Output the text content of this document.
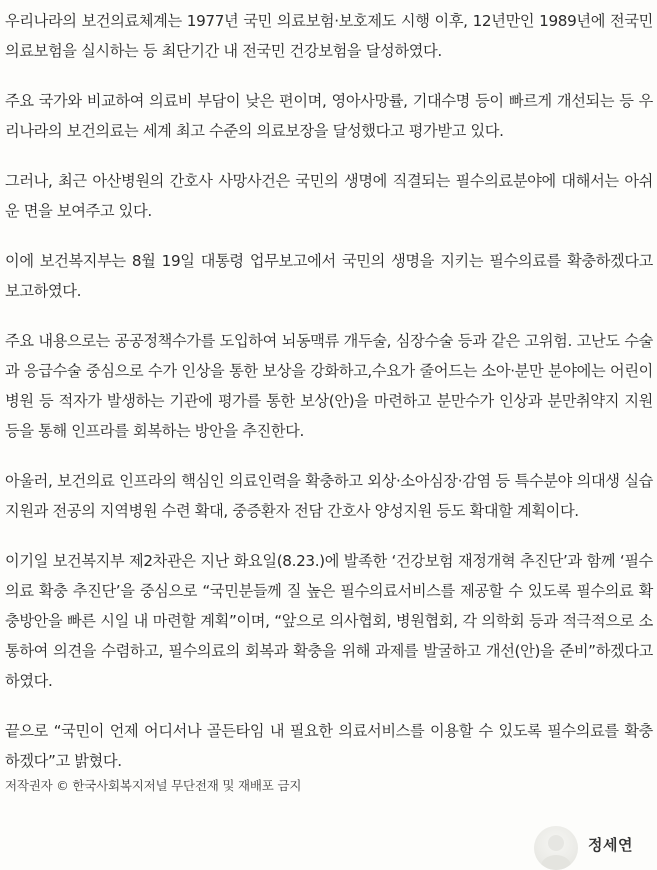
우리나라의 보건의료체계는 1977년 국민 의료보험·보호제도 시행 이후, 12년만인 1989년에 전국민 의료보험을 실시하는 등 최단기간 내 전국민 건강보험을 달성하였다.

주요 국가와 비교하여 의료비 부담이 낮은 편이며, 영아사망률, 기대수명 등이 빠르게 개선되는 등 우리나라의 보건의료는 세계 최고 수준의 의료보장을 달성했다고 평가받고 있다.

그러나, 최근 아산병원의 간호사 사망사건은 국민의 생명에 직결되는 필수의료분야에 대해서는 아쉬운 면을 보여주고 있다.

이에 보건복지부는 8월 19일 대통령 업무보고에서 국민의 생명을 지키는 필수의료를 확충하겠다고 보고하였다.

주요 내용으로는 공공정책수가를 도입하여 뇌동맥류 개두술, 심장수술 등과 같은 고위험. 고난도 수술과 응급수술 중심으로 수가 인상을 통한 보상을 강화하고,수요가 줄어드는 소아·분만 분야에는 어린이병원 등 적자가 발생하는 기관에 평가를 통한 보상(안)을 마련하고 분만수가 인상과 분만취약지 지원 등을 통해 인프라를 회복하는 방안을 추진한다.

아울러, 보건의료 인프라의 핵심인 의료인력을 확충하고 외상·소아심장·감염 등 특수분야 의대생 실습지원과 전공의 지역병원 수련 확대, 중증환자 전담 간호사 양성지원 등도 확대할 계획이다.

이기일 보건복지부 제2차관은 지난 화요일(8.23.)에 발족한 ‘건강보험 재정개혁 추진단’과 함께 ‘필수의료 확충 추진단’을 중심으로 “국민분들께 질 높은 필수의료서비스를 제공할 수 있도록 필수의료 확충방안을 빠른 시일 내 마련할 계획”이며, “앞으로 의사협회, 병원협회, 각 의학회 등과 적극적으로 소통하여 의견을 수렴하고, 필수의료의 회복과 확충을 위해 과제를 발굴하고 개선(안)을 준비”하겠다고 하였다.

끝으로 “국민이 언제 어디서나 골든타임 내 필요한 의료서비스를 이용할 수 있도록 필수의료를 확충하겠다”고 밝혔다.

저작권자 © 한국사회복지저널 무단전재 및 재배포 금지
정세연
